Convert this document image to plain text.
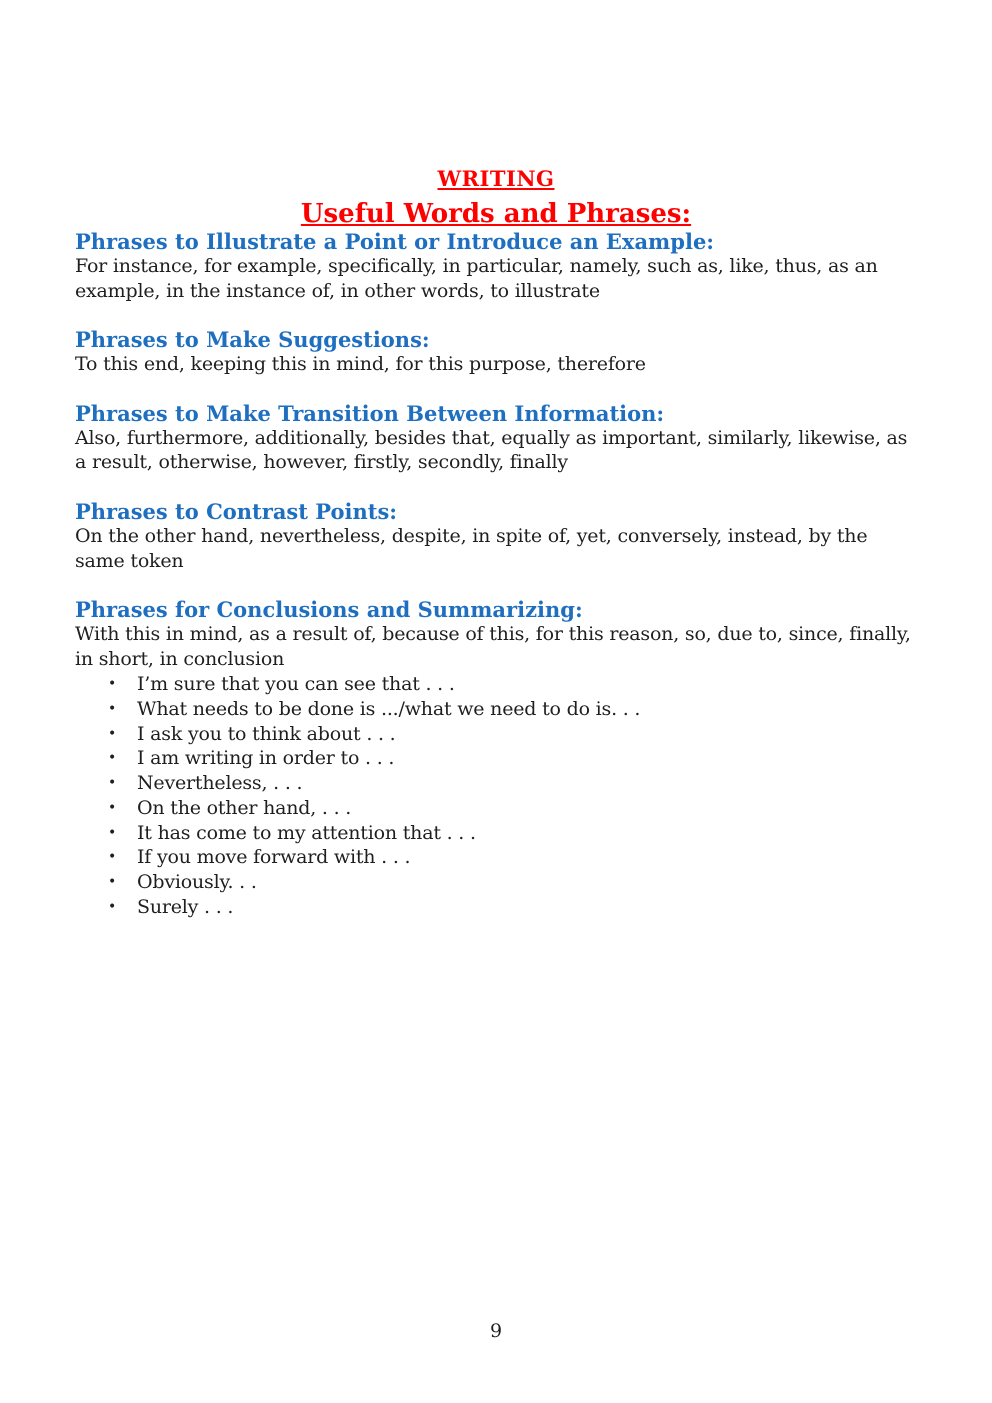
WRITING
Useful Words and Phrases:

Phrases to Illustrate a Point or Introduce an Example:

For instance, for example, specifically, in particular, namely, such as, like, thus, as an example, in the instance of, in other words, to illustrate

Phrases to Make Suggestions:

To this end, keeping this in mind, for this purpose, therefore

Phrases to Make Transition Between Information:

Also, furthermore, additionally, besides that, equally as important, similarly, likewise, as a result, otherwise, however, firstly, secondly, finally

Phrases to Contrast Points:

On the other hand, nevertheless, despite, in spite of, yet, conversely, instead, by the same token

Phrases for Conclusions and Summarizing:

With this in mind, as a result of, because of this, for this reason, so, due to, since, finally, in short, in conclusion

• I’m sure that you can see that . . .
• What needs to be done is .../what we need to do is. . .
• I ask you to think about . . .
• I am writing in order to . . .
• Nevertheless, . . .
• On the other hand, . . .
• It has come to my attention that . . .
• If you move forward with . . .
• Obviously. . .
• Surely . . .
9
